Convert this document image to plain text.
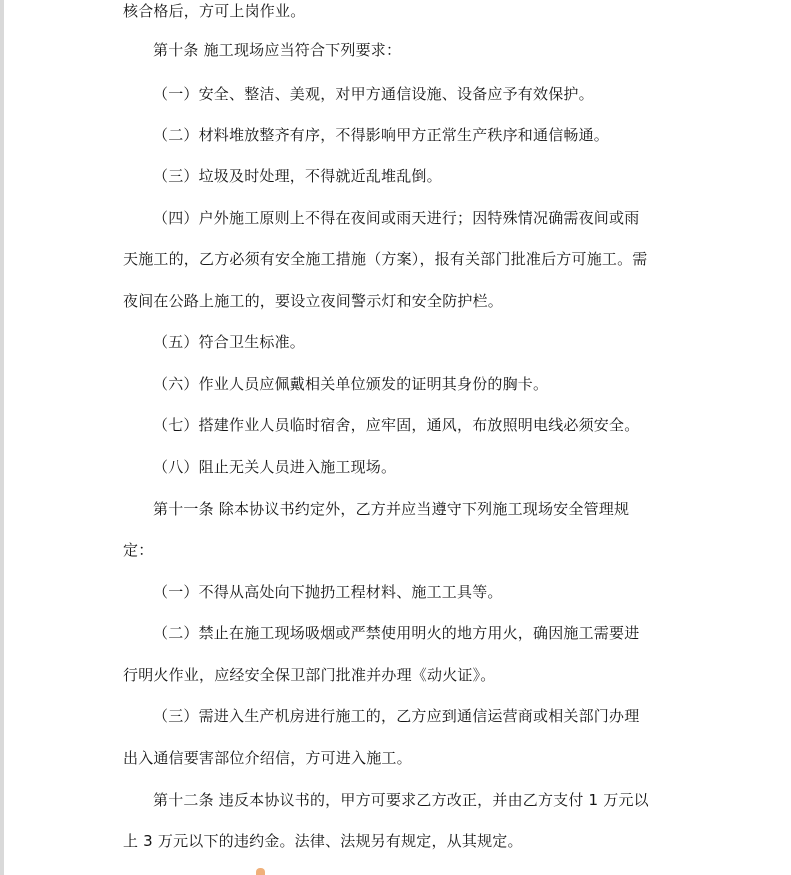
核合格后，方可上岗作业。
第十条 施工现场应当符合下列要求：
（一）安全、整洁、美观，对甲方通信设施、设备应予有效保护。
（二）材料堆放整齐有序，不得影响甲方正常生产秩序和通信畅通。
（三）垃圾及时处理，不得就近乱堆乱倒。
（四）户外施工原则上不得在夜间或雨天进行；因特殊情况确需夜间或雨
天施工的，乙方必须有安全施工措施（方案），报有关部门批准后方可施工。需
夜间在公路上施工的，要设立夜间警示灯和安全防护栏。
（五）符合卫生标准。
（六）作业人员应佩戴相关单位颁发的证明其身份的胸卡。
（七）搭建作业人员临时宿舍，应牢固，通风，布放照明电线必须安全。
（八）阻止无关人员进入施工现场。
第十一条 除本协议书约定外，乙方并应当遵守下列施工现场安全管理规
定：
（一）不得从高处向下抛扔工程材料、施工工具等。
（二）禁止在施工现场吸烟或严禁使用明火的地方用火，确因施工需要进
行明火作业，应经安全保卫部门批准并办理《动火证》。
（三）需进入生产机房进行施工的，乙方应到通信运营商或相关部门办理
出入通信要害部位介绍信，方可进入施工。
第十二条 违反本协议书的，甲方可要求乙方改正，并由乙方支付 1 万元以
上 3 万元以下的违约金。法律、法规另有规定，从其规定。
